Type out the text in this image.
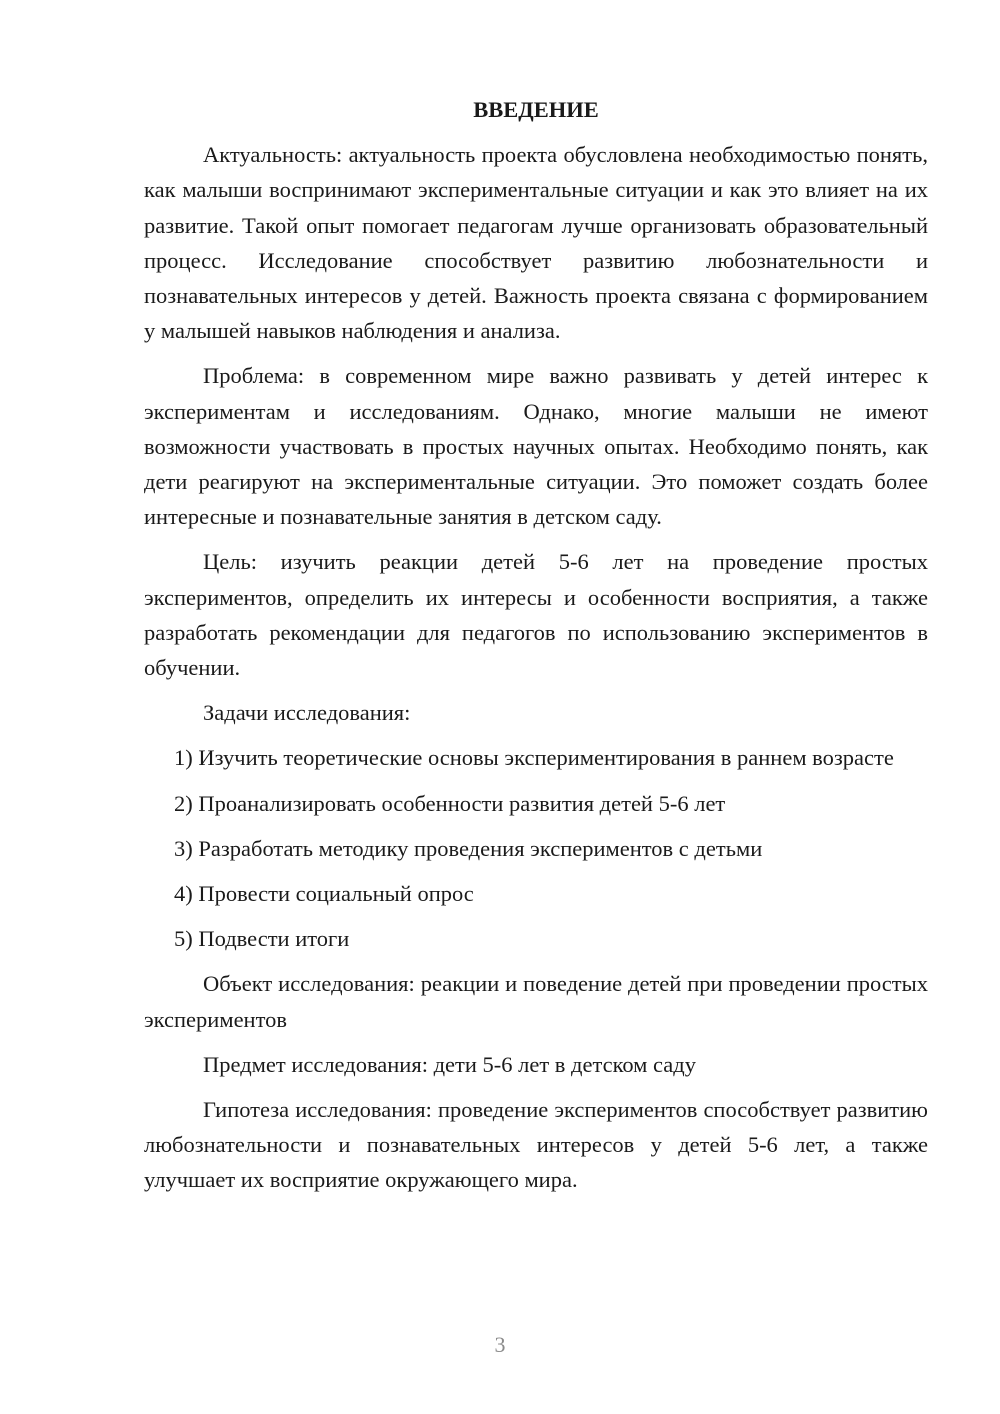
ВВЕДЕНИЕ

Актуальность: актуальность проекта обусловлена необходимостью понять, как малыши воспринимают экспериментальные ситуации и как это влияет на их развитие. Такой опыт помогает педагогам лучше организовать образовательный процесс. Исследование способствует развитию любознательности и познавательных интересов у детей. Важность проекта связана с формированием у малышей навыков наблюдения и анализа.

Проблема: в современном мире важно развивать у детей интерес к экспериментам и исследованиям. Однако, многие малыши не имеют возможности участвовать в простых научных опытах. Необходимо понять, как дети реагируют на экспериментальные ситуации. Это поможет создать более интересные и познавательные занятия в детском саду.

Цель: изучить реакции детей 5-6 лет на проведение простых экспериментов, определить их интересы и особенности восприятия, а также разработать рекомендации для педагогов по использованию экспериментов в обучении.

Задачи исследования:

1) Изучить теоретические основы экспериментирования в раннем возрасте

2) Проанализировать особенности развития детей 5-6 лет

3) Разработать методику проведения экспериментов с детьми

4) Провести социальный опрос

5) Подвести итоги

Объект исследования: реакции и поведение детей при проведении простых экспериментов

Предмет исследования: дети 5-6 лет в детском саду

Гипотеза исследования: проведение экспериментов способствует развитию любознательности и познавательных интересов у детей 5-6 лет, а также улучшает их восприятие окружающего мира.

3
